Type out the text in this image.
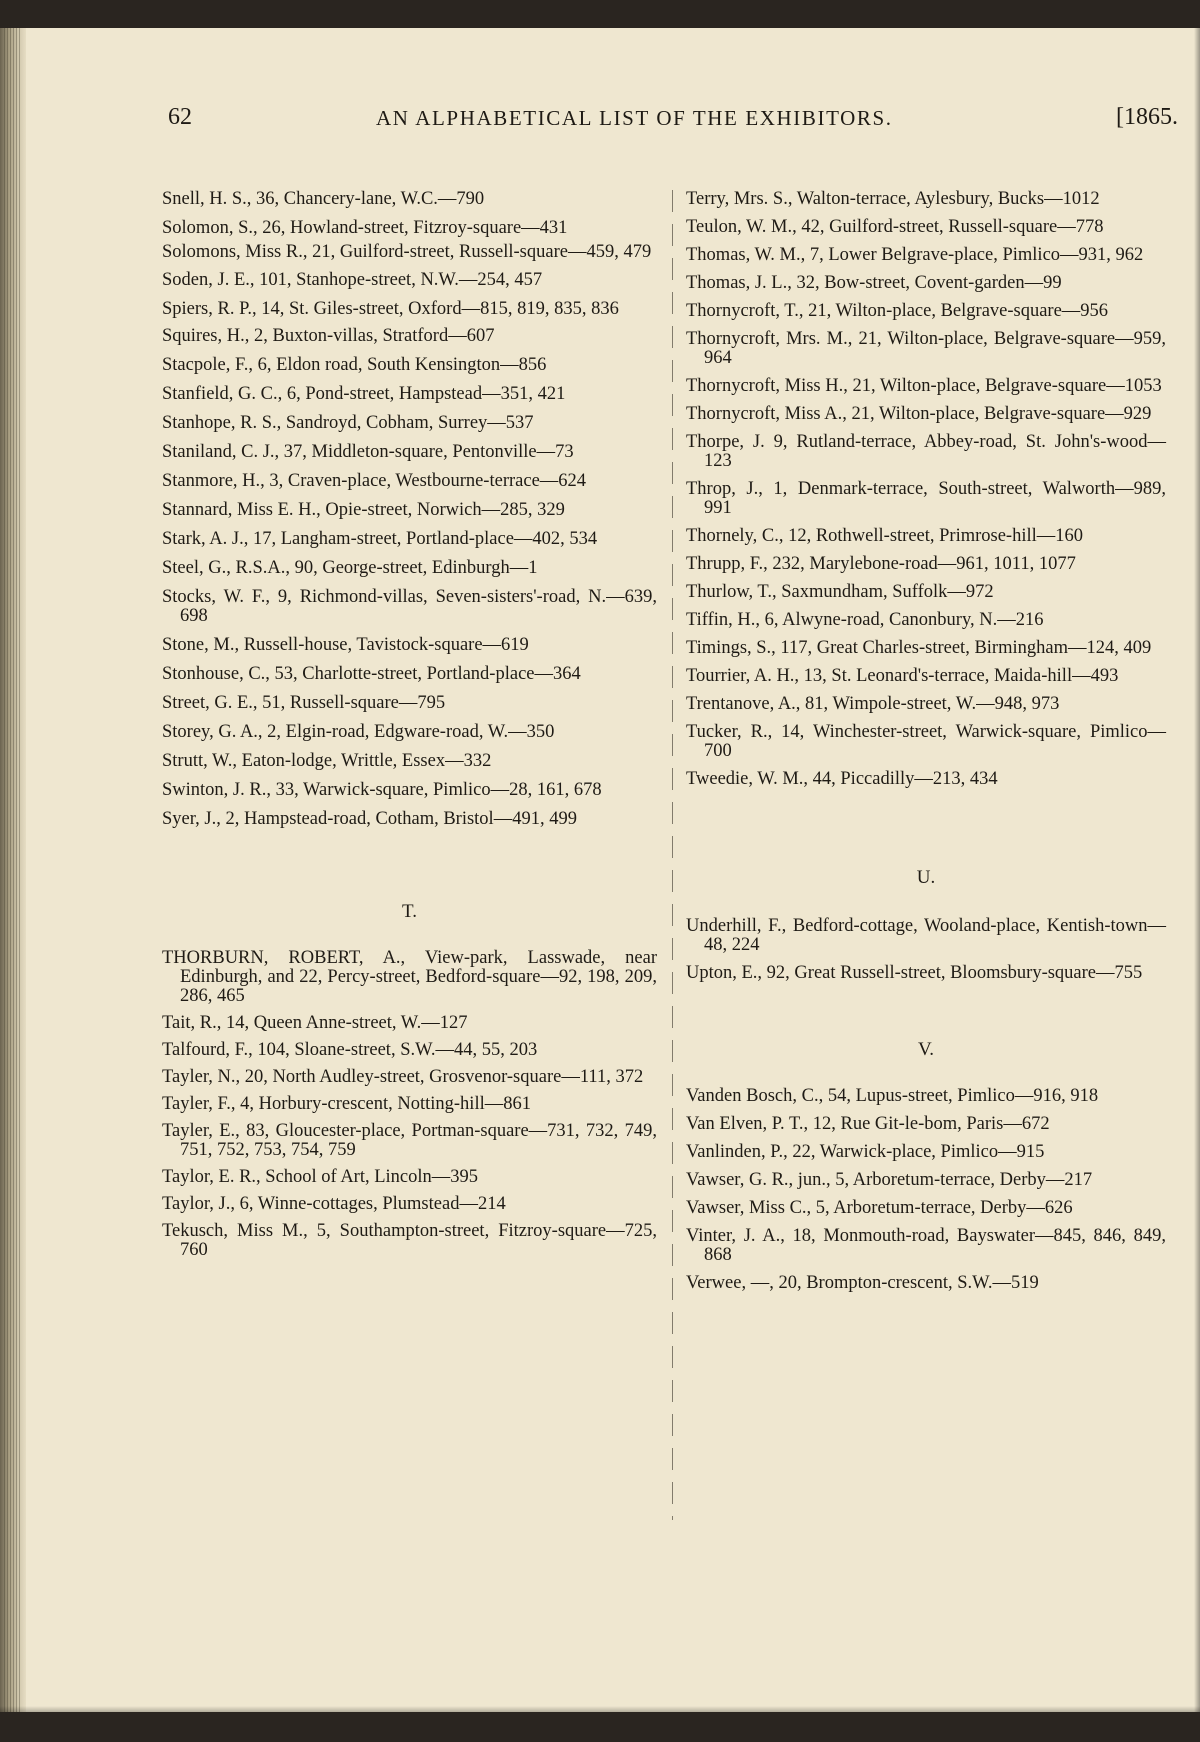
62	AN ALPHABETICAL LIST OF THE EXHIBITORS.	[1865.
Snell, H. S., 36, Chancery-lane, W.C.—790
Solomon, S., 26, Howland-street, Fitzroy-square—431
Solomons, Miss R., 21, Guilford-street, Russell-square—459, 479
Soden, J. E., 101, Stanhope-street, N.W.—254, 457
Spiers, R. P., 14, St. Giles-street, Oxford—815, 819, 835, 836
Squires, H., 2, Buxton-villas, Stratford—607
Stacpole, F., 6, Eldon road, South Kensington—856
Stanfield, G. C., 6, Pond-street, Hampstead—351, 421
Stanhope, R. S., Sandroyd, Cobham, Surrey—537
Staniland, C. J., 37, Middleton-square, Pentonville—73
Stanmore, H., 3, Craven-place, Westbourne-terrace—624
Stannard, Miss E. H., Opie-street, Norwich—285, 329
Stark, A. J., 17, Langham-street, Portland-place—402, 534
Steel, G., R.S.A., 90, George-street, Edinburgh—1
Stocks, W. F., 9, Richmond-villas, Seven-sisters'-road, N.—639, 698
Stone, M., Russell-house, Tavistock-square—619
Stonhouse, C., 53, Charlotte-street, Portland-place—364
Street, G. E., 51, Russell-square—795
Storey, G. A., 2, Elgin-road, Edgware-road, W.—350
Strutt, W., Eaton-lodge, Writtle, Essex—332
Swinton, J. R., 33, Warwick-square, Pimlico—28, 161, 678
Syer, J., 2, Hampstead-road, Cotham, Bristol—491, 499
T.
THORBURN, ROBERT, A., View-park, Lasswade, near Edinburgh, and 22, Percy-street, Bedford-square—92, 198, 209, 286, 465
Tait, R., 14, Queen Anne-street, W.—127
Talfourd, F., 104, Sloane-street, S.W.—44, 55, 203
Tayler, N., 20, North Audley-street, Grosvenor-square—111, 372
Tayler, F., 4, Horbury-crescent, Notting-hill—861
Tayler, E., 83, Gloucester-place, Portman-square—731, 732, 749, 751, 752, 753, 754, 759
Taylor, E. R., School of Art, Lincoln—395
Taylor, J., 6, Winne-cottages, Plumstead—214
Tekusch, Miss M., 5, Southampton-street, Fitzroy-square—725, 760
Terry, Mrs. S., Walton-terrace, Aylesbury, Bucks—1012
Teulon, W. M., 42, Guilford-street, Russell-square—778
Thomas, W. M., 7, Lower Belgrave-place, Pimlico—931, 962
Thomas, J. L., 32, Bow-street, Covent-garden—99
Thornycroft, T., 21, Wilton-place, Belgrave-square—956
Thornycroft, Mrs. M., 21, Wilton-place, Belgrave-square—959, 964
Thornycroft, Miss H., 21, Wilton-place, Belgrave-square—1053
Thornycroft, Miss A., 21, Wilton-place, Belgrave-square—929
Thorpe, J. 9, Rutland-terrace, Abbey-road, St. John's-wood—123
Throp, J., 1, Denmark-terrace, South-street, Walworth—989, 991
Thornely, C., 12, Rothwell-street, Primrose-hill—160
Thrupp, F., 232, Marylebone-road—961, 1011, 1077
Thurlow, T., Saxmundham, Suffolk—972
Tiffin, H., 6, Alwyne-road, Canonbury, N.—216
Timings, S., 117, Great Charles-street, Birmingham—124, 409
Tourrier, A. H., 13, St. Leonard's-terrace, Maida-hill—493
Trentanove, A., 81, Wimpole-street, W.—948, 973
Tucker, R., 14, Winchester-street, Warwick-square, Pimlico—700
Tweedie, W. M., 44, Piccadilly—213, 434
U.
Underhill, F., Bedford-cottage, Wooland-place, Kentish-town—48, 224
Upton, E., 92, Great Russell-street, Bloomsbury-square—755
V.
Vanden Bosch, C., 54, Lupus-street, Pimlico—916, 918
Van Elven, P. T., 12, Rue Git-le-bom, Paris—672
Vanlinden, P., 22, Warwick-place, Pimlico—915
Vawser, G. R., jun., 5, Arboretum-terrace, Derby—217
Vawser, Miss C., 5, Arboretum-terrace, Derby—626
Vinter, J. A., 18, Monmouth-road, Bayswater—845, 846, 849, 868
Verwee, —, 20, Brompton-crescent, S.W.—519
